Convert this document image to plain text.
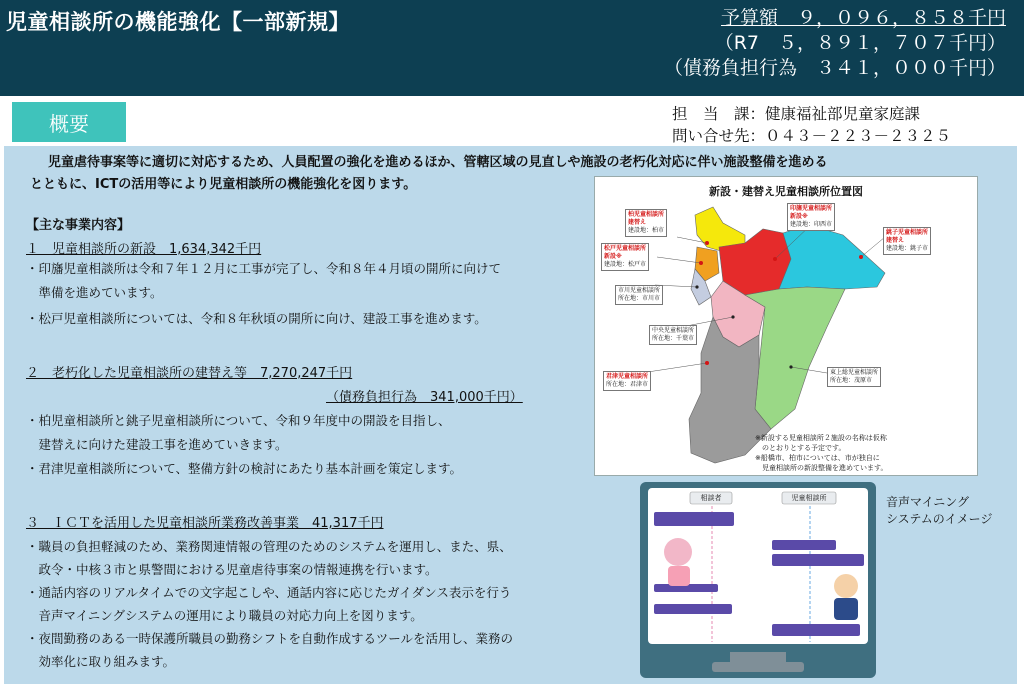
児童相談所の機能強化【一部新規】	予算額　９，０９６，８５８千円
（R7　５，８９１，７０７千円）
（債務負担行為　３４１，０００千円）
概要	担　当　課：健康福祉部児童家庭課
問い合せ先：０４３－２２３－２３２５
児童虐待事案等に適切に対応するため、人員配置の強化を進めるほか、管轄区域の見直しや施設の老朽化対応に伴い施設整備を進める
とともに、ICTの活用等により児童相談所の機能強化を図ります。
【主な事業内容】
１　児童相談所の新設　1,634,342千円
・印旛児童相談所は令和７年１２月に工事が完了し、令和８年４月頃の開所に向けて
　準備を進めています。
・松戸児童相談所については、令和８年秋頃の開所に向け、建設工事を進めます。
２　老朽化した児童相談所の建替え等　7,270,247千円
（債務負担行為　341,000千円）
・柏児童相談所と銚子児童相談所について、令和９年度中の開設を目指し、
　建替えに向けた建設工事を進めていきます。
・君津児童相談所について、整備方針の検討にあたり基本計画を策定します。
３　ＩＣＴを活用した児童相談所業務改善事業　41,317千円
・職員の負担軽減のため、業務関連情報の管理のためのシステムを運用し、また、県、
　政令・中核３市と県警間における児童虐待事案の情報連携を行います。
・通話内容のリアルタイムでの文字起こしや、通話内容に応じたガイダンス表示を行う
　音声マイニングシステムの運用により職員の対応力向上を図ります。
・夜間勤務のある一時保護所職員の勤務シフトを自動作成するツールを活用し、業務の
　効率化に取り組みます。
新設・建替え児童相談所位置図
柏児童相談所
建替え
建設地：柏市
印旛児童相談所
新設※
建設地：印西市
銚子児童相談所
建替え
建設地：銚子市
松戸児童相談所
新設※
建設地：松戸市
市川児童相談所
所在地：市川市
中央児童相談所
所在地：千葉市
君津児童相談所
所在地：君津市
東上総児童相談所
所在地：茂原市
※新設する児童相談所２施設の名称は仮称
　のとおりとする予定です。
※船橋市、柏市については、市が独自に
　児童相談所の新設整備を進めています。
相談者	児童相談所	音声マイニング
システムのイメージ
